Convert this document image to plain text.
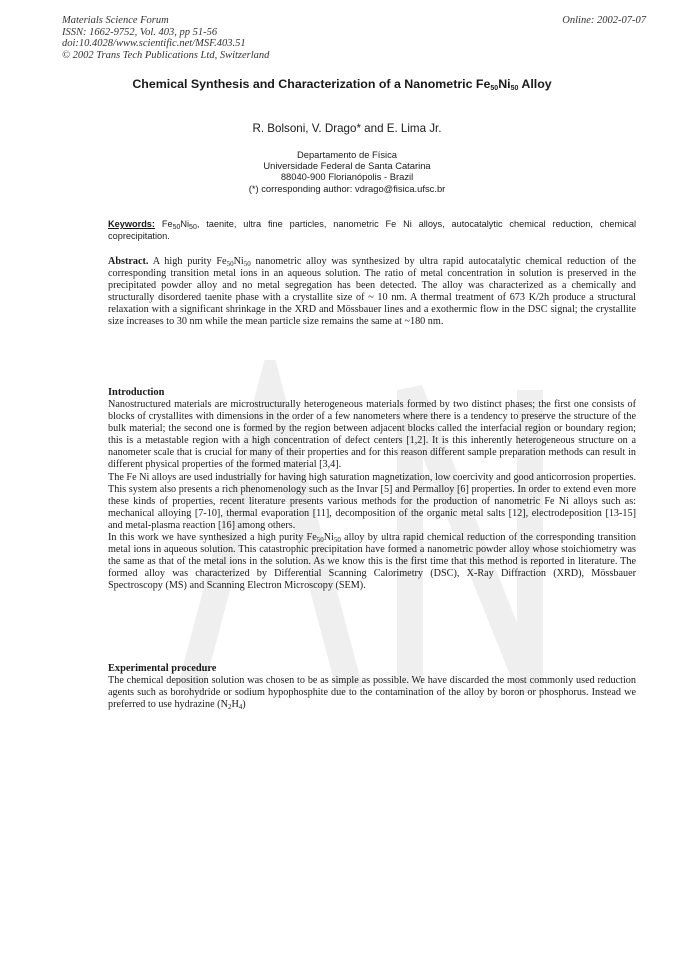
Materials Science Forum
ISSN: 1662-9752, Vol. 403, pp 51-56
doi:10.4028/www.scientific.net/MSF.403.51
© 2002 Trans Tech Publications Ltd, Switzerland
Online: 2002-07-07
Chemical Synthesis and Characterization of a Nanometric $Fe_{50}Ni_{50}$ Alloy
R. Bolsoni, V. Drago* and E. Lima Jr.
Departamento de Física
Universidade Federal de Santa Catarina
88040-900 Florianópolis - Brazil
(*) corresponding author: vdrago@fisica.ufsc.br
Keywords: $Fe_{50}Ni_{50}$, taenite, ultra fine particles, nanometric Fe Ni alloys, autocatalytic chemical reduction, chemical coprecipitation.
Abstract. A high purity $Fe_{50}Ni_{50}$ nanometric alloy was synthesized by ultra rapid autocatalytic chemical reduction of the corresponding transition metal ions in an aqueous solution. The ratio of metal concentration in solution is preserved in the precipitated powder alloy and no metal segregation has been detected. The alloy was characterized as a chemically and structurally disordered taenite phase with a crystallite size of ~ 10 nm. A thermal treatment of 673 K/2h produce a structural relaxation with a significant shrinkage in the XRD and Mössbauer lines and a exothermic flow in the DSC signal; the crystallite size increases to 30 nm while the mean particle size remains the same at ~180 nm.
Introduction

Nanostructured materials are microstructurally heterogeneous materials formed by two distinct phases; the first one consists of blocks of crystallites with dimensions in the order of a few nanometers where there is a tendency to preserve the structure of the bulk material; the second one is formed by the region between adjacent blocks called the interfacial region or boundary region; this is a metastable region with a high concentration of defect centers [1,2]. It is this inherently heterogeneous structure on a nanometer scale that is crucial for many of their properties and for this reason different sample preparation methods can result in different physical properties of the formed material [3,4].

The Fe Ni alloys are used industrially for having high saturation magnetization, low coercivity and good anticorrosion properties. This system also presents a rich phenomenology such as the Invar [5] and Permalloy [6] properties. In order to extend even more these kinds of properties, recent literature presents various methods for the production of nanometric Fe Ni alloys such as: mechanical alloying [7-10], thermal evaporation [11], decomposition of the organic metal salts [12], electrodeposition [13-15] and metal-plasma reaction [16] among others.

In this work we have synthesized a high purity $Fe_{50}Ni_{50}$ alloy by ultra rapid chemical reduction of the corresponding transition metal ions in aqueous solution. This catastrophic precipitation have formed a nanometric powder alloy whose stoichiometry was the same as that of the metal ions in the solution. As we know this is the first time that this method is reported in literature. The formed alloy was characterized by Differential Scanning Calorimetry (DSC), X-Ray Diffraction (XRD), Mössbauer Spectroscopy (MS) and Scanning Electron Microscopy (SEM).

Experimental procedure
The chemical deposition solution was chosen to be as simple as possible. We have discarded the most commonly used reduction agents such as borohydride or sodium hypophosphite due to the contamination of the alloy by boron or phosphorus. Instead we preferred to use hydrazine $(N_2H_4)$
